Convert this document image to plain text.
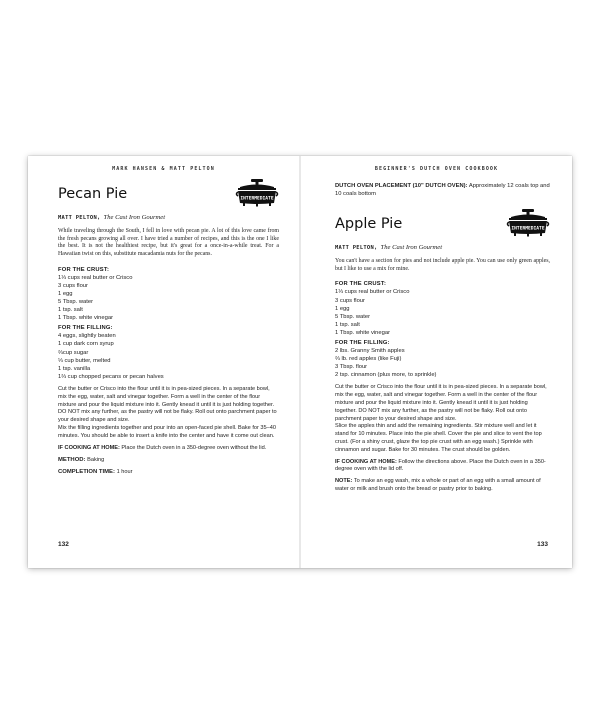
MARK HANSEN & MATT PELTON
Pecan Pie	INTERMEDIATE
MATT PELTON, The Cast Iron Gourmet

While traveling through the South, I fell in love with pecan pie. A lot of this love came from the fresh pecans growing all over. I have tried a number of recipes, and this is the one I like the best. It is not the healthiest recipe, but it's great for a once-in-a-while treat. For a Hawaiian twist on this, substitute macadamia nuts for the pecans.

FOR THE CRUST:
1⅓ cups real butter or Crisco
3 cups flour
1 egg
5 Tbsp. water
1 tsp. salt
1 Tbsp. white vinegar
FOR THE FILLING:
4 eggs, slightly beaten
1 cup dark corn syrup
⅔cup sugar
⅓ cup butter, melted
1 tsp. vanilla
1⅔ cup chopped pecans or pecan halves

Cut the butter or Crisco into the flour until it is in pea-sized pieces. In a separate bowl, mix the egg, water, salt and vinegar together. Form a well in the center of the flour mixture and pour the liquid mixture into it. Gently knead it until it is just holding together. DO NOT mix any further, as the pastry will not be flaky. Roll out onto parchment paper to your desired shape and size.

Mix the filling ingredients together and pour into an open-faced pie shell. Bake for 35–40 minutes. You should be able to insert a knife into the center and have it come out clean.

IF COOKING AT HOME: Place the Dutch oven in a 350-degree oven without the lid.

METHOD: Baking

COMPLETION TIME: 1 hour

132
BEGINNER'S DUTCH OVEN COOKBOOK

DUTCH OVEN PLACEMENT (10" DUTCH OVEN): Approximately 12 coals top and 10 coals bottom

Apple Pie	INTERMEDIATE
MATT PELTON, The Cast Iron Gourmet

You can't have a section for pies and not include apple pie. You can use only green apples, but I like to use a mix for mine.

FOR THE CRUST:
1⅓ cups real butter or Crisco
3 cups flour
1 egg
5 Tbsp. water
1 tsp. salt
1 Tbsp. white vinegar
FOR THE FILLING:
2 lbs. Granny Smith apples
⅔ lb. red apples (like Fuji)
3 Tbsp. flour
2 tsp. cinnamon (plus more, to sprinkle)

Cut the butter or Crisco into the flour until it is in pea-sized pieces. In a separate bowl, mix the egg, water, salt and vinegar together. Form a well in the center of the flour mixture and pour the liquid mixture into it. Gently knead it until it is just holding together. DO NOT mix any further, as the pastry will not be flaky. Roll out onto parchment paper to your desired shape and size.

Slice the apples thin and add the remaining ingredients. Stir mixture well and let it stand for 10 minutes. Place into the pie shell. Cover the pie and slice to vent the top crust. (For a shiny crust, glaze the top pie crust with an egg wash.) Sprinkle with cinnamon and sugar. Bake for 30 minutes. The crust should be golden.

IF COOKING AT HOME: Follow the directions above. Place the Dutch oven in a 350-degree oven with the lid off.

NOTE: To make an egg wash, mix a whole or part of an egg with a small amount of water or milk and brush onto the bread or pastry prior to baking.

133
